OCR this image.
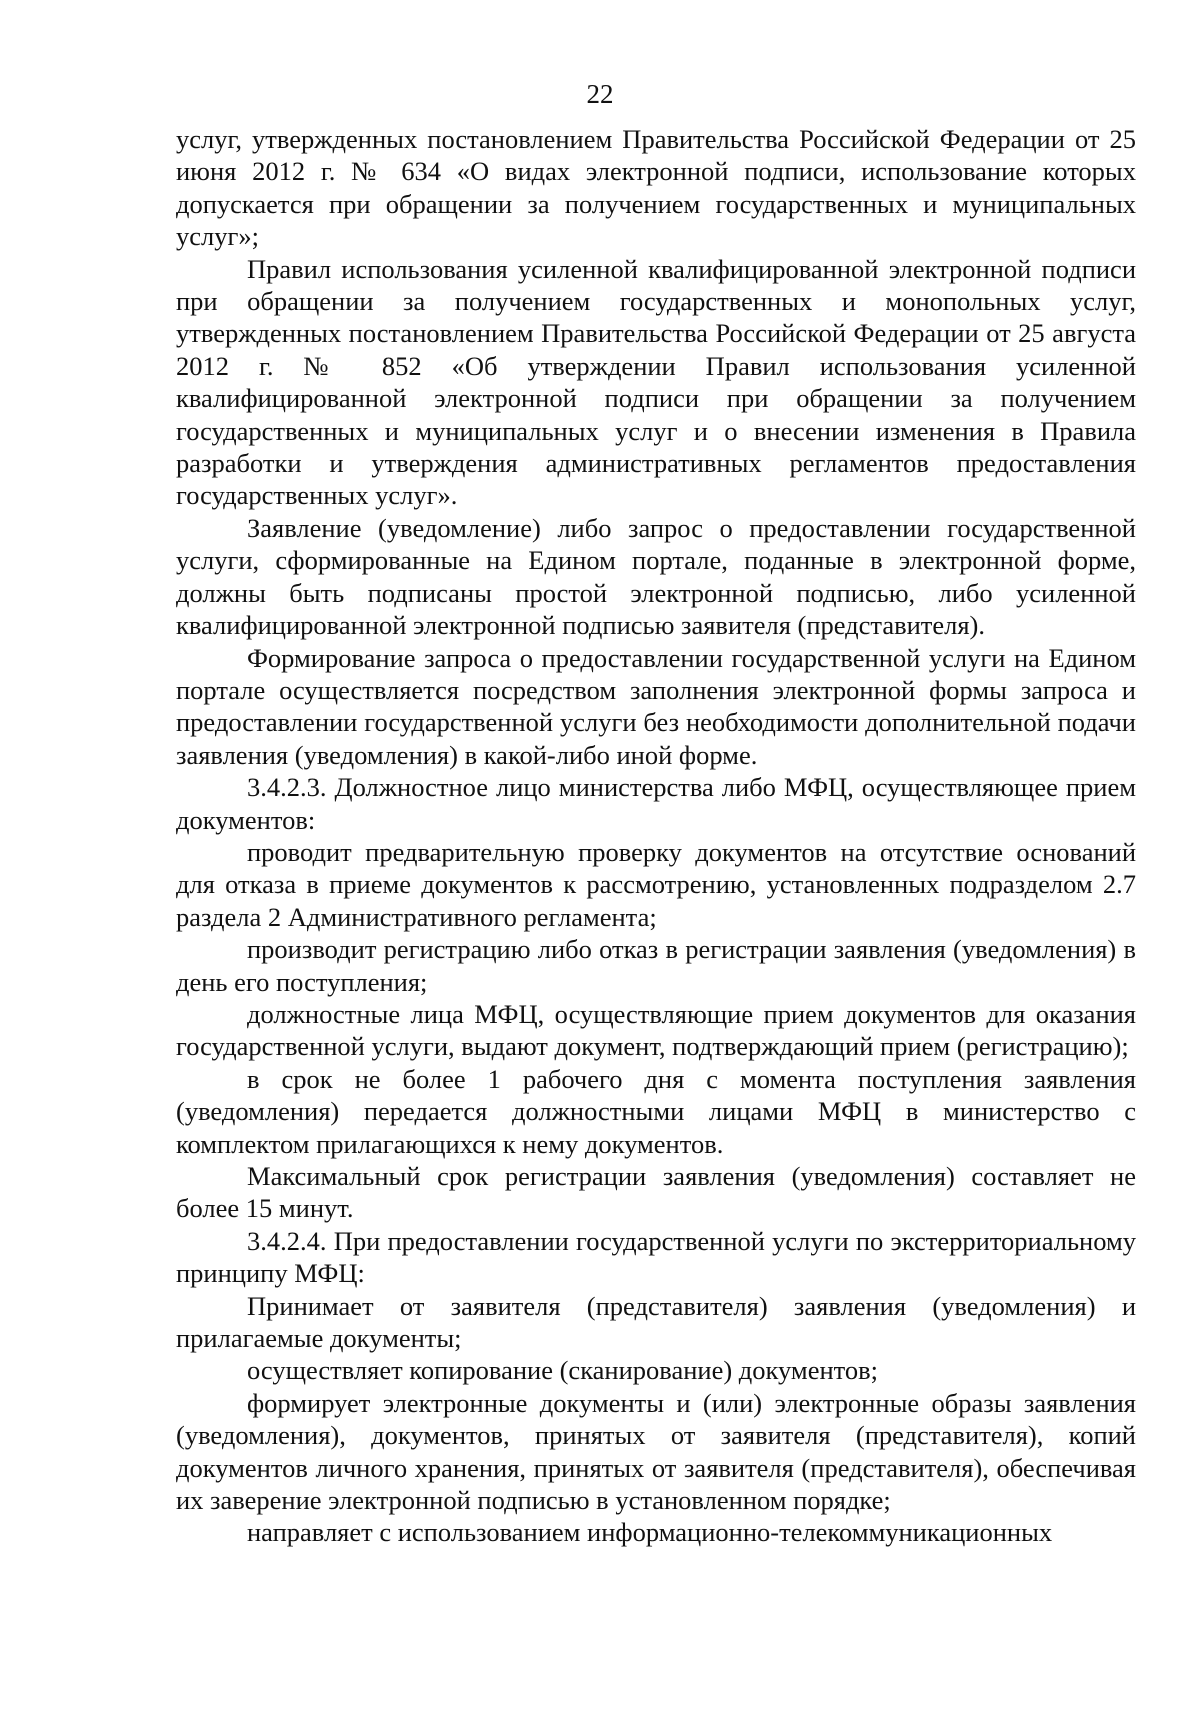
22

услуг, утвержденных постановлением Правительства Российской Федерации от 25 июня 2012 г. № 634 «О видах электронной подписи, использование которых допускается при обращении за получением государственных и муниципальных услуг»;

Правил использования усиленной квалифицированной электронной подписи при обращении за получением государственных и монопольных услуг, утвержденных постановлением Правительства Российской Федерации от 25 августа 2012 г. № 852 «Об утверждении Правил использования усиленной квалифицированной электронной подписи при обращении за получением государственных и муниципальных услуг и о внесении изменения в Правила разработки и утверждения административных регламентов предоставления государственных услуг».

Заявление (уведомление) либо запрос о предоставлении государственной услуги, сформированные на Едином портале, поданные в электронной форме, должны быть подписаны простой электронной подписью, либо усиленной квалифицированной электронной подписью заявителя (представителя).

Формирование запроса о предоставлении государственной услуги на Едином портале осуществляется посредством заполнения электронной формы запроса и предоставлении государственной услуги без необходимости дополнительной подачи заявления (уведомления) в какой-либо иной форме.

3.4.2.3. Должностное лицо министерства либо МФЦ, осуществляющее прием документов:

проводит предварительную проверку документов на отсутствие оснований для отказа в приеме документов к рассмотрению, установленных подразделом 2.7 раздела 2 Административного регламента;

производит регистрацию либо отказ в регистрации заявления (уведомления) в день его поступления;

должностные лица МФЦ, осуществляющие прием документов для оказания государственной услуги, выдают документ, подтверждающий прием (регистрацию);

в срок не более 1 рабочего дня с момента поступления заявления (уведомления) передается должностными лицами МФЦ в министерство с комплектом прилагающихся к нему документов.

Максимальный срок регистрации заявления (уведомления) составляет не более 15 минут.

3.4.2.4. При предоставлении государственной услуги по экстерриториальному принципу МФЦ:

Принимает от заявителя (представителя) заявления (уведомления) и прилагаемые документы;

осуществляет копирование (сканирование) документов;

формирует электронные документы и (или) электронные образы заявления (уведомления), документов, принятых от заявителя (представителя), копий документов личного хранения, принятых от заявителя (представителя), обеспечивая их заверение электронной подписью в установленном порядке;

направляет с использованием информационно-телекоммуникационных
